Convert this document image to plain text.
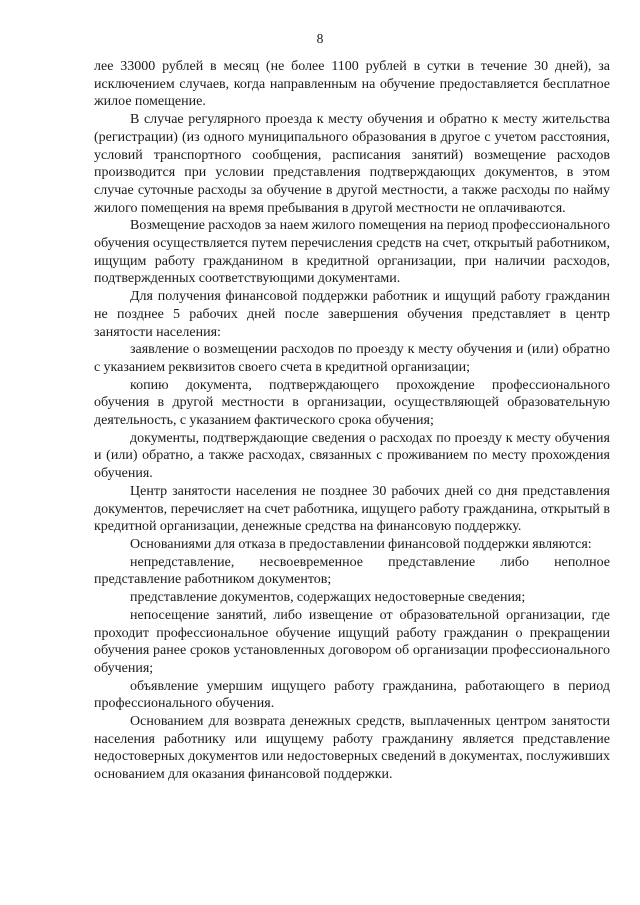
8

лее 33000 рублей в месяц (не более 1100 рублей в сутки в течение 30 дней), за исключением случаев, когда направленным на обучение предоставляется бесплатное жилое помещение.

В случае регулярного проезда к месту обучения и обратно к месту жительства (регистрации) (из одного муниципального образования в другое с учетом расстояния, условий транспортного сообщения, расписания занятий) возмещение расходов производится при условии представления подтверждающих документов, в этом случае суточные расходы за обучение в другой местности, а также расходы по найму жилого помещения на время пребывания в другой местности не оплачиваются.

Возмещение расходов за наем жилого помещения на период профессионального обучения осуществляется путем перечисления средств на счет, открытый работником, ищущим работу гражданином в кредитной организации, при наличии расходов, подтвержденных соответствующими документами.

Для получения финансовой поддержки работник и ищущий работу гражданин не позднее 5 рабочих дней после завершения обучения представляет в центр занятости населения:

заявление о возмещении расходов по проезду к месту обучения и (или) обратно с указанием реквизитов своего счета в кредитной организации;

копию документа, подтверждающего прохождение профессионального обучения в другой местности в организации, осуществляющей образовательную деятельность, с указанием фактического срока обучения;

документы, подтверждающие сведения о расходах по проезду к месту обучения и (или) обратно, а также расходах, связанных с проживанием по месту прохождения обучения.

Центр занятости населения не позднее 30 рабочих дней со дня представления документов, перечисляет на счет работника, ищущего работу гражданина, открытый в кредитной организации, денежные средства на финансовую поддержку.

Основаниями для отказа в предоставлении финансовой поддержки являются:

непредставление, несвоевременное представление либо неполное представление работником документов;

представление документов, содержащих недостоверные сведения;

непосещение занятий, либо извещение от образовательной организации, где проходит профессиональное обучение ищущий работу гражданин о прекращении обучения ранее сроков установленных договором об организации профессионального обучения;

объявление умершим ищущего работу гражданина, работающего в период профессионального обучения.

Основанием для возврата денежных средств, выплаченных центром занятости населения работнику или ищущему работу гражданину является представление недостоверных документов или недостоверных сведений в документах, послуживших основанием для оказания финансовой поддержки.
